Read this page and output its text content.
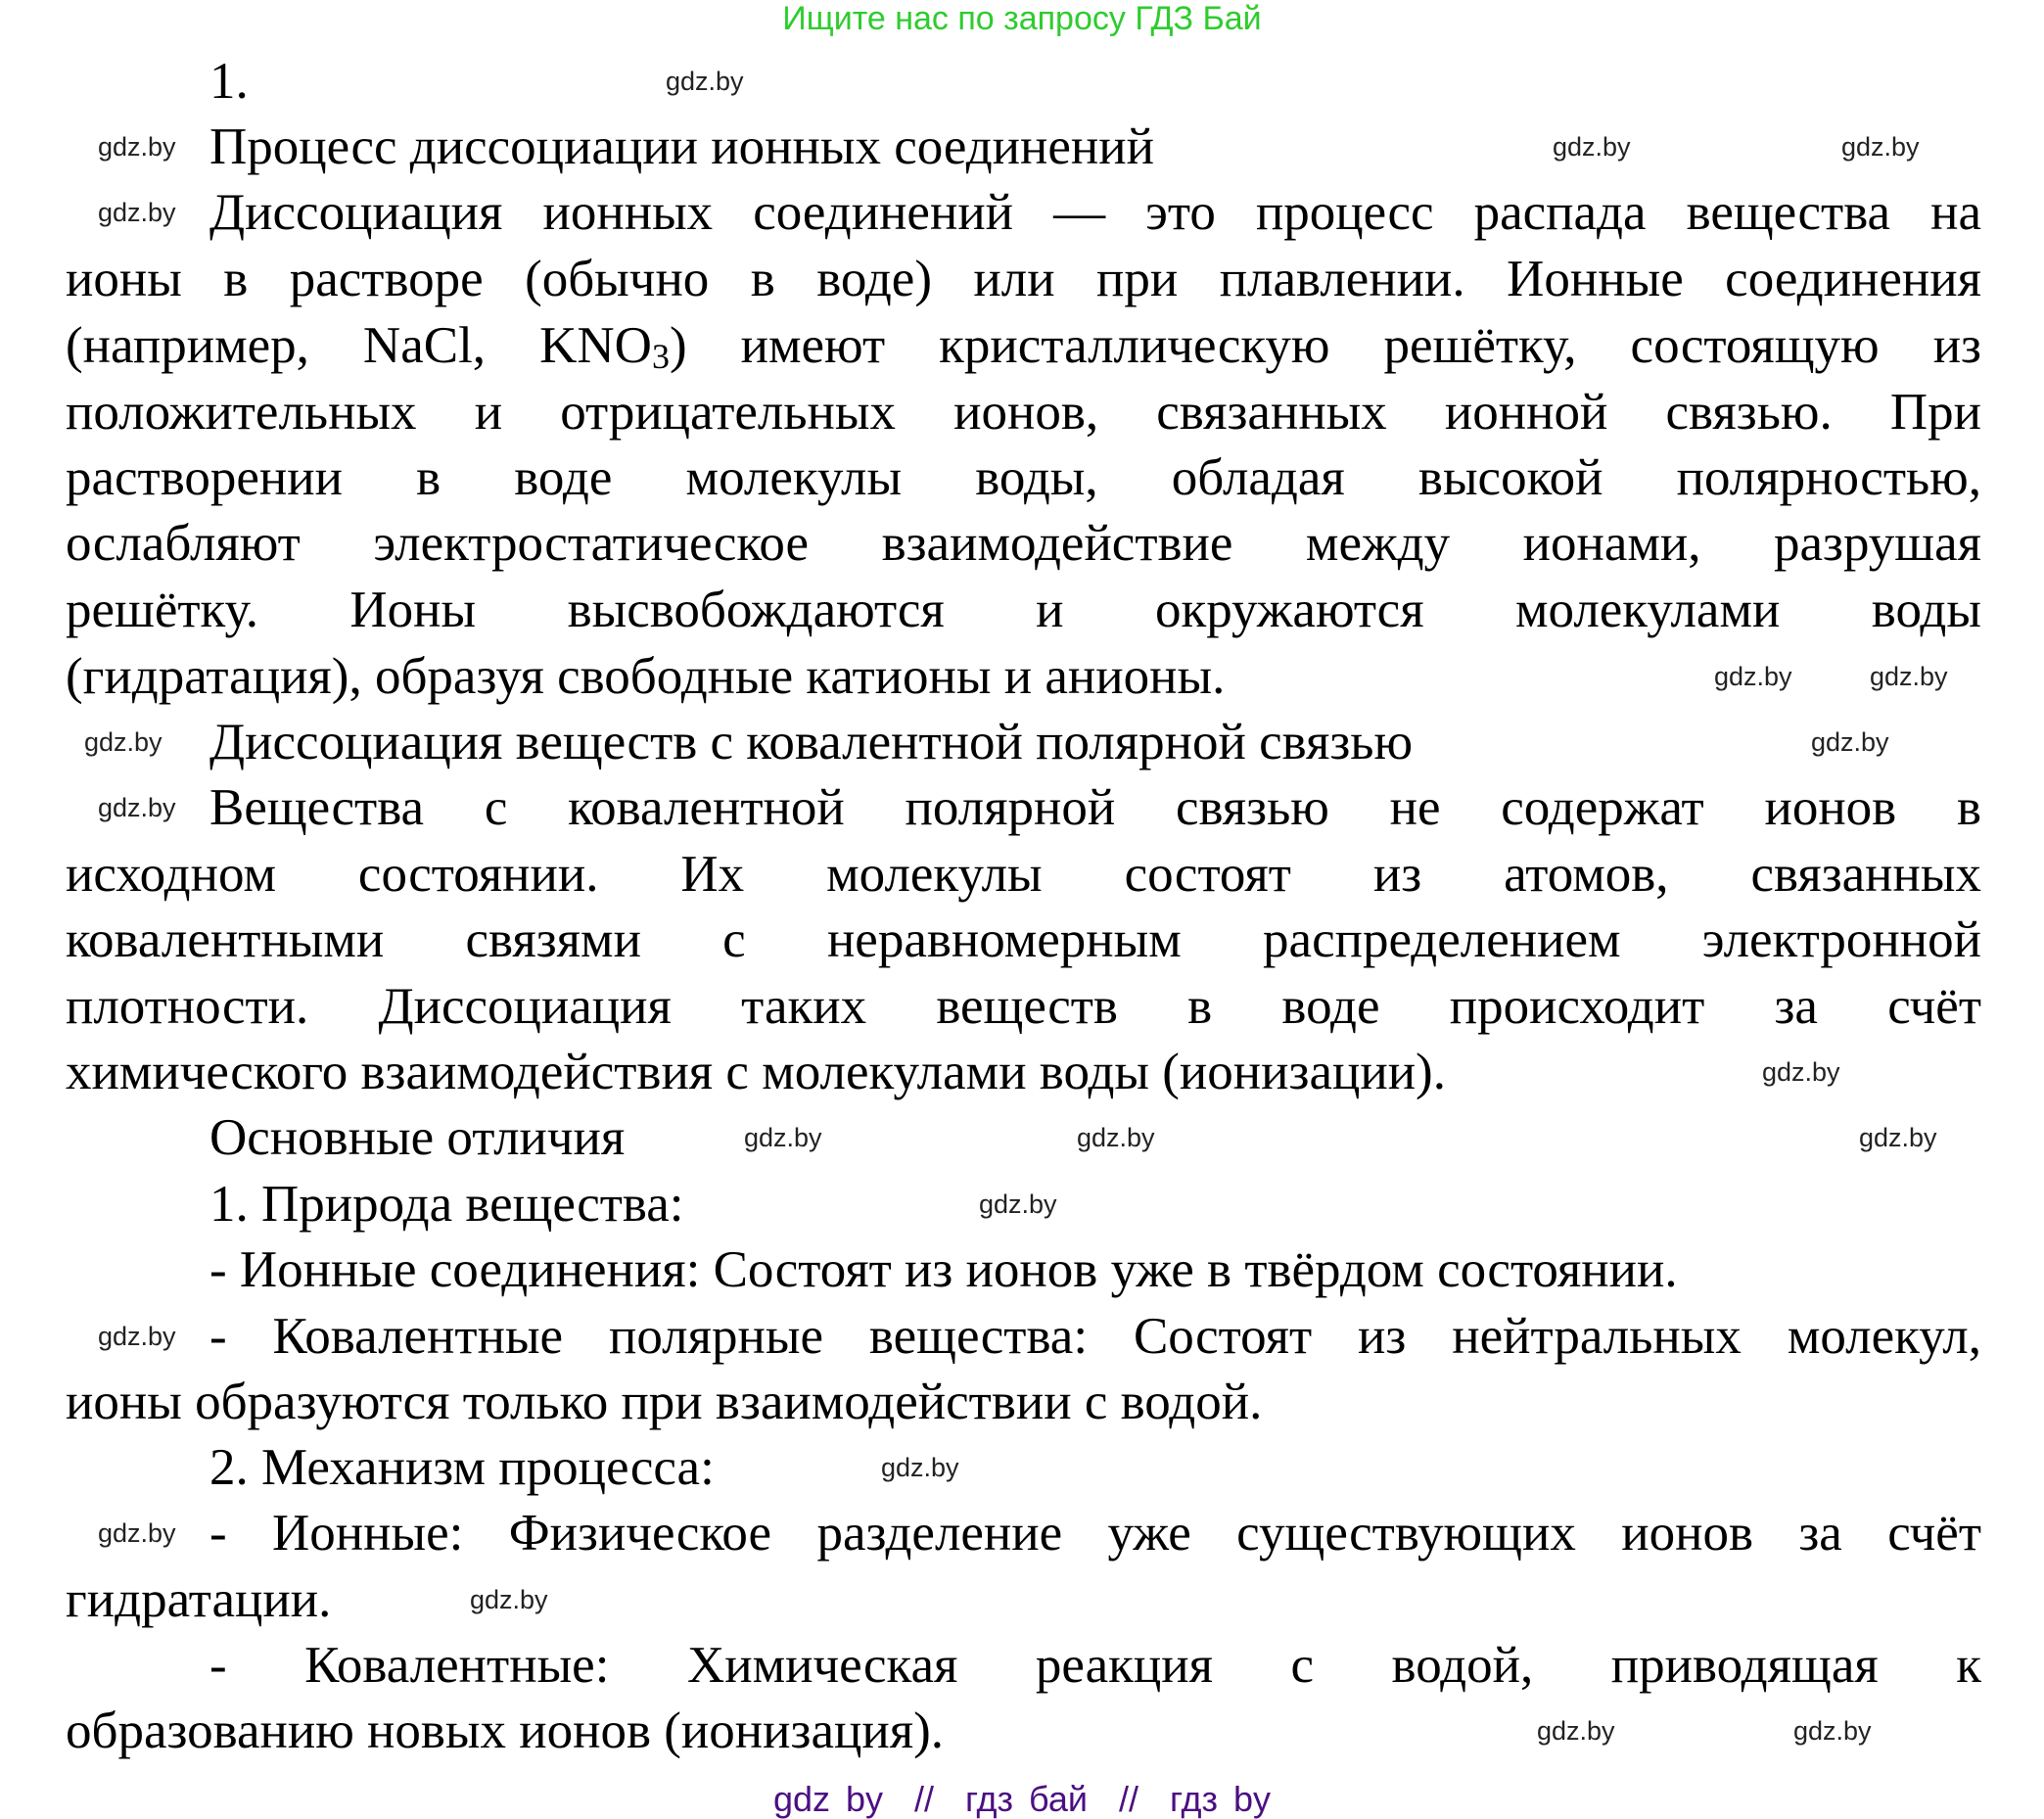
Ищите нас по запросу ГДЗ Бай
1.
Процесс диссоциации ионных соединений
Диссоциация ионных соединений — это процесс распада вещества на
ионы в растворе (обычно в воде) или при плавлении. Ионные соединения
(например, NaCl, $KNO_3$) имеют кристаллическую решётку, состоящую из
положительных и отрицательных ионов, связанных ионной связью. При
растворении в воде молекулы воды, обладая высокой полярностью,
ослабляют электростатическое взаимодействие между ионами, разрушая
решётку. Ионы высвобождаются и окружаются молекулами воды
(гидратация), образуя свободные катионы и анионы.
Диссоциация веществ с ковалентной полярной связью
Вещества с ковалентной полярной связью не содержат ионов в
исходном состоянии. Их молекулы состоят из атомов, связанных
ковалентными связями с неравномерным распределением электронной
плотности. Диссоциация таких веществ в воде происходит за счёт
химического взаимодействия с молекулами воды (ионизации).
Основные отличия
1. Природа вещества:
- Ионные соединения: Состоят из ионов уже в твёрдом состоянии.
- Ковалентные полярные вещества: Состоят из нейтральных молекул,
ионы образуются только при взаимодействии с водой.
2. Механизм процесса:
- Ионные: Физическое разделение уже существующих ионов за счёт
гидратации.
- Ковалентные: Химическая реакция с водой, приводящая к
образованию новых ионов (ионизация).
gdz.by
gdz.by	gdz.by	gdz.by
gdz.by
gdz.by	gdz.by
gdz.by	gdz.by
gdz.by
gdz.by
gdz.by	gdz.by	gdz.by
gdz.by
gdz.by
gdz.by
gdz.by
gdz.by
gdz.by	gdz.by
gdz by  //  гдз бай  //  гдз by
